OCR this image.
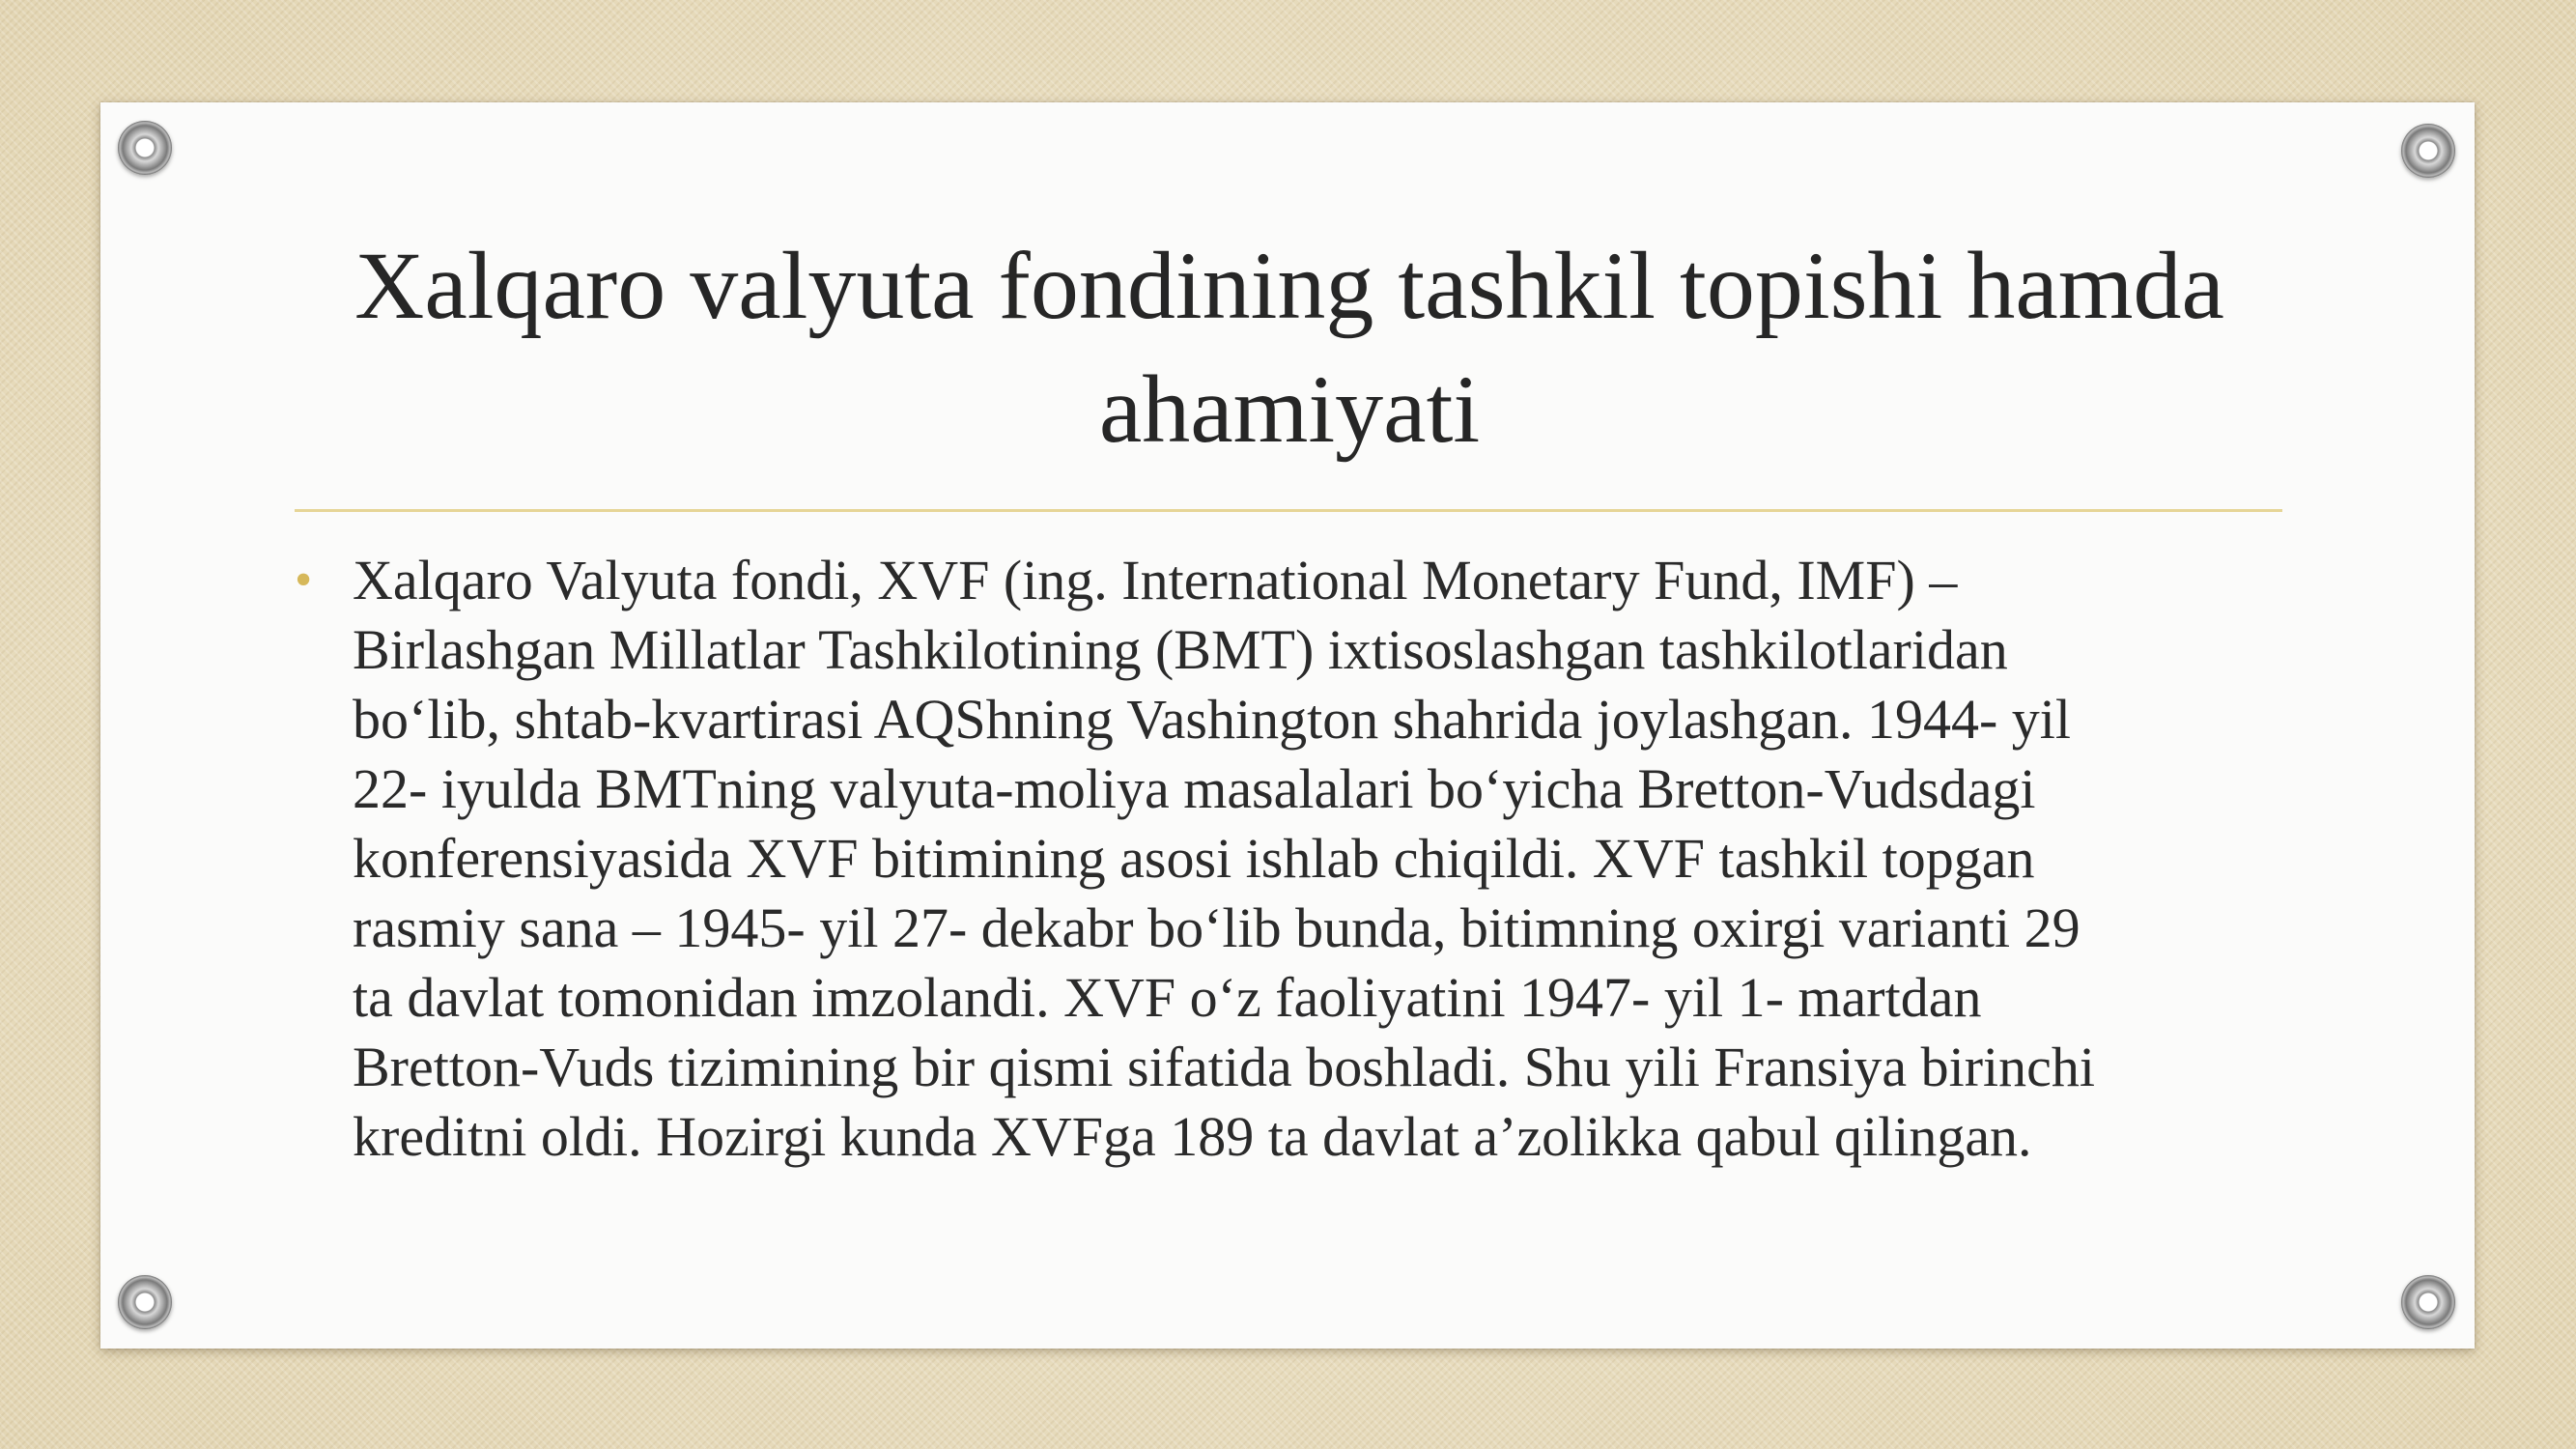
Xalqaro valyuta fondining tashkil topishi hamda
ahamiyati
• Xalqaro Valyuta fondi, XVF (ing. International Monetary Fund, IMF) –
Birlashgan Millatlar Tashkilotining (BMT) ixtisoslashgan tashkilotlaridan
bo‘lib, shtab-kvartirasi AQShning Vashington shahrida joylashgan. 1944- yil
22- iyulda BMTning valyuta-moliya masalalari bo‘yicha Bretton-Vudsdagi
konferensiyasida XVF bitimining asosi ishlab chiqildi. XVF tashkil topgan
rasmiy sana – 1945- yil 27- dekabr bo‘lib bunda, bitimning oxirgi varianti 29
ta davlat tomonidan imzolandi. XVF o‘z faoliyatini 1947- yil 1- martdan
Bretton-Vuds tizimining bir qismi sifatida boshladi. Shu yili Fransiya birinchi
kreditni oldi. Hozirgi kunda XVFga 189 ta davlat a’zolikka qabul qilingan.
